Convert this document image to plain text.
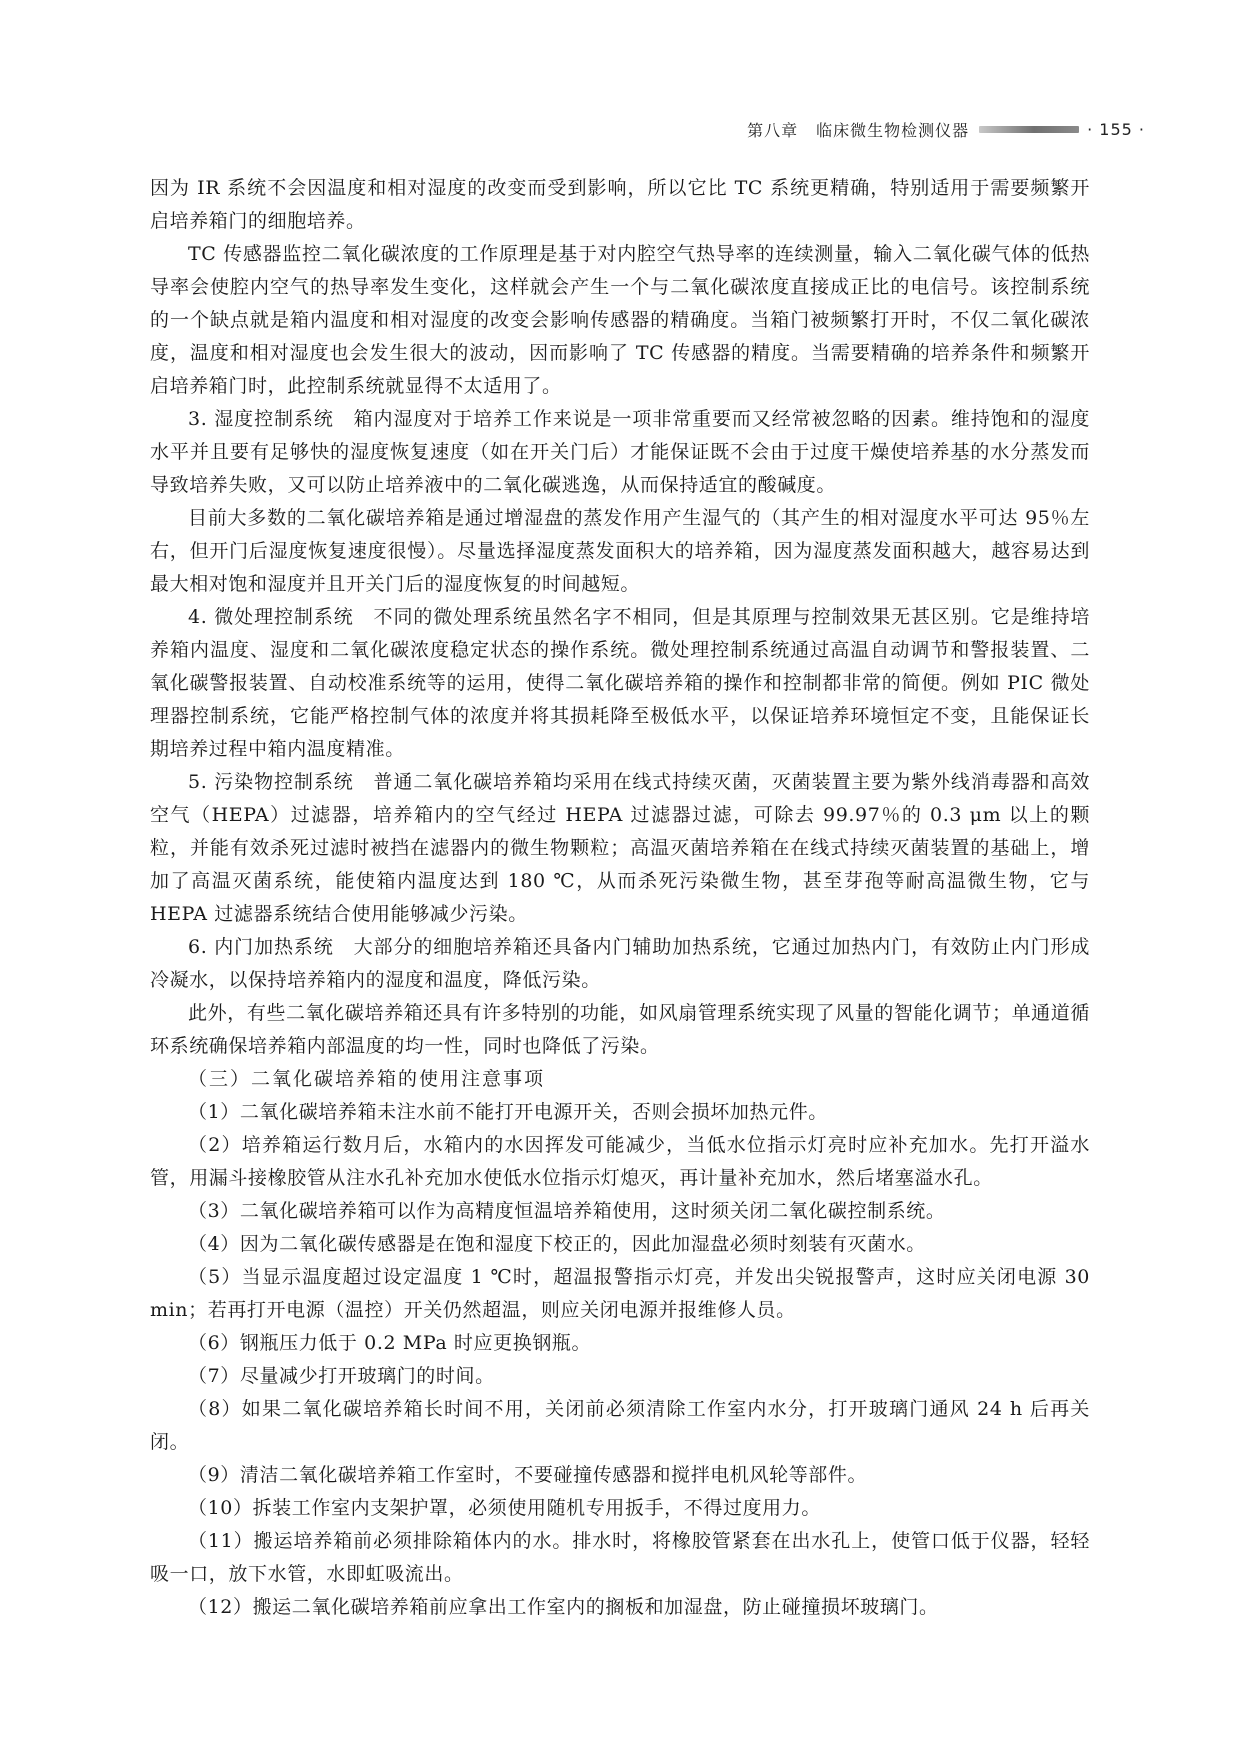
第八章 临床微生物检测仪器	· 155 ·

因为 IR 系统不会因温度和相对湿度的改变而受到影响，所以它比 TC 系统更精确，特别适用于需要频繁开启培养箱门的细胞培养。

TC 传感器监控二氧化碳浓度的工作原理是基于对内腔空气热导率的连续测量，输入二氧化碳气体的低热导率会使腔内空气的热导率发生变化，这样就会产生一个与二氧化碳浓度直接成正比的电信号。该控制系统的一个缺点就是箱内温度和相对湿度的改变会影响传感器的精确度。当箱门被频繁打开时，不仅二氧化碳浓度，温度和相对湿度也会发生很大的波动，因而影响了 TC 传感器的精度。当需要精确的培养条件和频繁开启培养箱门时，此控制系统就显得不太适用了。

3. 湿度控制系统　箱内湿度对于培养工作来说是一项非常重要而又经常被忽略的因素。维持饱和的湿度水平并且要有足够快的湿度恢复速度（如在开关门后）才能保证既不会由于过度干燥使培养基的水分蒸发而导致培养失败，又可以防止培养液中的二氧化碳逃逸，从而保持适宜的酸碱度。

目前大多数的二氧化碳培养箱是通过增湿盘的蒸发作用产生湿气的（其产生的相对湿度水平可达 95％左右，但开门后湿度恢复速度很慢）。尽量选择湿度蒸发面积大的培养箱，因为湿度蒸发面积越大，越容易达到最大相对饱和湿度并且开关门后的湿度恢复的时间越短。

4. 微处理控制系统　不同的微处理系统虽然名字不相同，但是其原理与控制效果无甚区别。它是维持培养箱内温度、湿度和二氧化碳浓度稳定状态的操作系统。微处理控制系统通过高温自动调节和警报装置、二氧化碳警报装置、自动校准系统等的运用，使得二氧化碳培养箱的操作和控制都非常的简便。例如 PIC 微处理器控制系统，它能严格控制气体的浓度并将其损耗降至极低水平，以保证培养环境恒定不变，且能保证长期培养过程中箱内温度精准。

5. 污染物控制系统　普通二氧化碳培养箱均采用在线式持续灭菌，灭菌装置主要为紫外线消毒器和高效空气（HEPA）过滤器，培养箱内的空气经过 HEPA 过滤器过滤，可除去 99.97％的 0.3 μm 以上的颗粒，并能有效杀死过滤时被挡在滤器内的微生物颗粒；高温灭菌培养箱在在线式持续灭菌装置的基础上，增加了高温灭菌系统，能使箱内温度达到 180 ℃，从而杀死污染微生物，甚至芽孢等耐高温微生物，它与 HEPA 过滤器系统结合使用能够减少污染。

6. 内门加热系统　大部分的细胞培养箱还具备内门辅助加热系统，它通过加热内门，有效防止内门形成冷凝水，以保持培养箱内的湿度和温度，降低污染。

此外，有些二氧化碳培养箱还具有许多特别的功能，如风扇管理系统实现了风量的智能化调节；单通道循环系统确保培养箱内部温度的均一性，同时也降低了污染。

（三）二氧化碳培养箱的使用注意事项

（1）二氧化碳培养箱未注水前不能打开电源开关，否则会损坏加热元件。

（2）培养箱运行数月后，水箱内的水因挥发可能减少，当低水位指示灯亮时应补充加水。先打开溢水管，用漏斗接橡胶管从注水孔补充加水使低水位指示灯熄灭，再计量补充加水，然后堵塞溢水孔。

（3）二氧化碳培养箱可以作为高精度恒温培养箱使用，这时须关闭二氧化碳控制系统。

（4）因为二氧化碳传感器是在饱和湿度下校正的，因此加湿盘必须时刻装有灭菌水。

（5）当显示温度超过设定温度 1 ℃时，超温报警指示灯亮，并发出尖锐报警声，这时应关闭电源 30 min；若再打开电源（温控）开关仍然超温，则应关闭电源并报维修人员。

（6）钢瓶压力低于 0.2 MPa 时应更换钢瓶。

（7）尽量减少打开玻璃门的时间。

（8）如果二氧化碳培养箱长时间不用，关闭前必须清除工作室内水分，打开玻璃门通风 24 h 后再关闭。

（9）清洁二氧化碳培养箱工作室时，不要碰撞传感器和搅拌电机风轮等部件。

（10）拆装工作室内支架护罩，必须使用随机专用扳手，不得过度用力。

（11）搬运培养箱前必须排除箱体内的水。排水时，将橡胶管紧套在出水孔上，使管口低于仪器，轻轻吸一口，放下水管，水即虹吸流出。

（12）搬运二氧化碳培养箱前应拿出工作室内的搁板和加湿盘，防止碰撞损坏玻璃门。
